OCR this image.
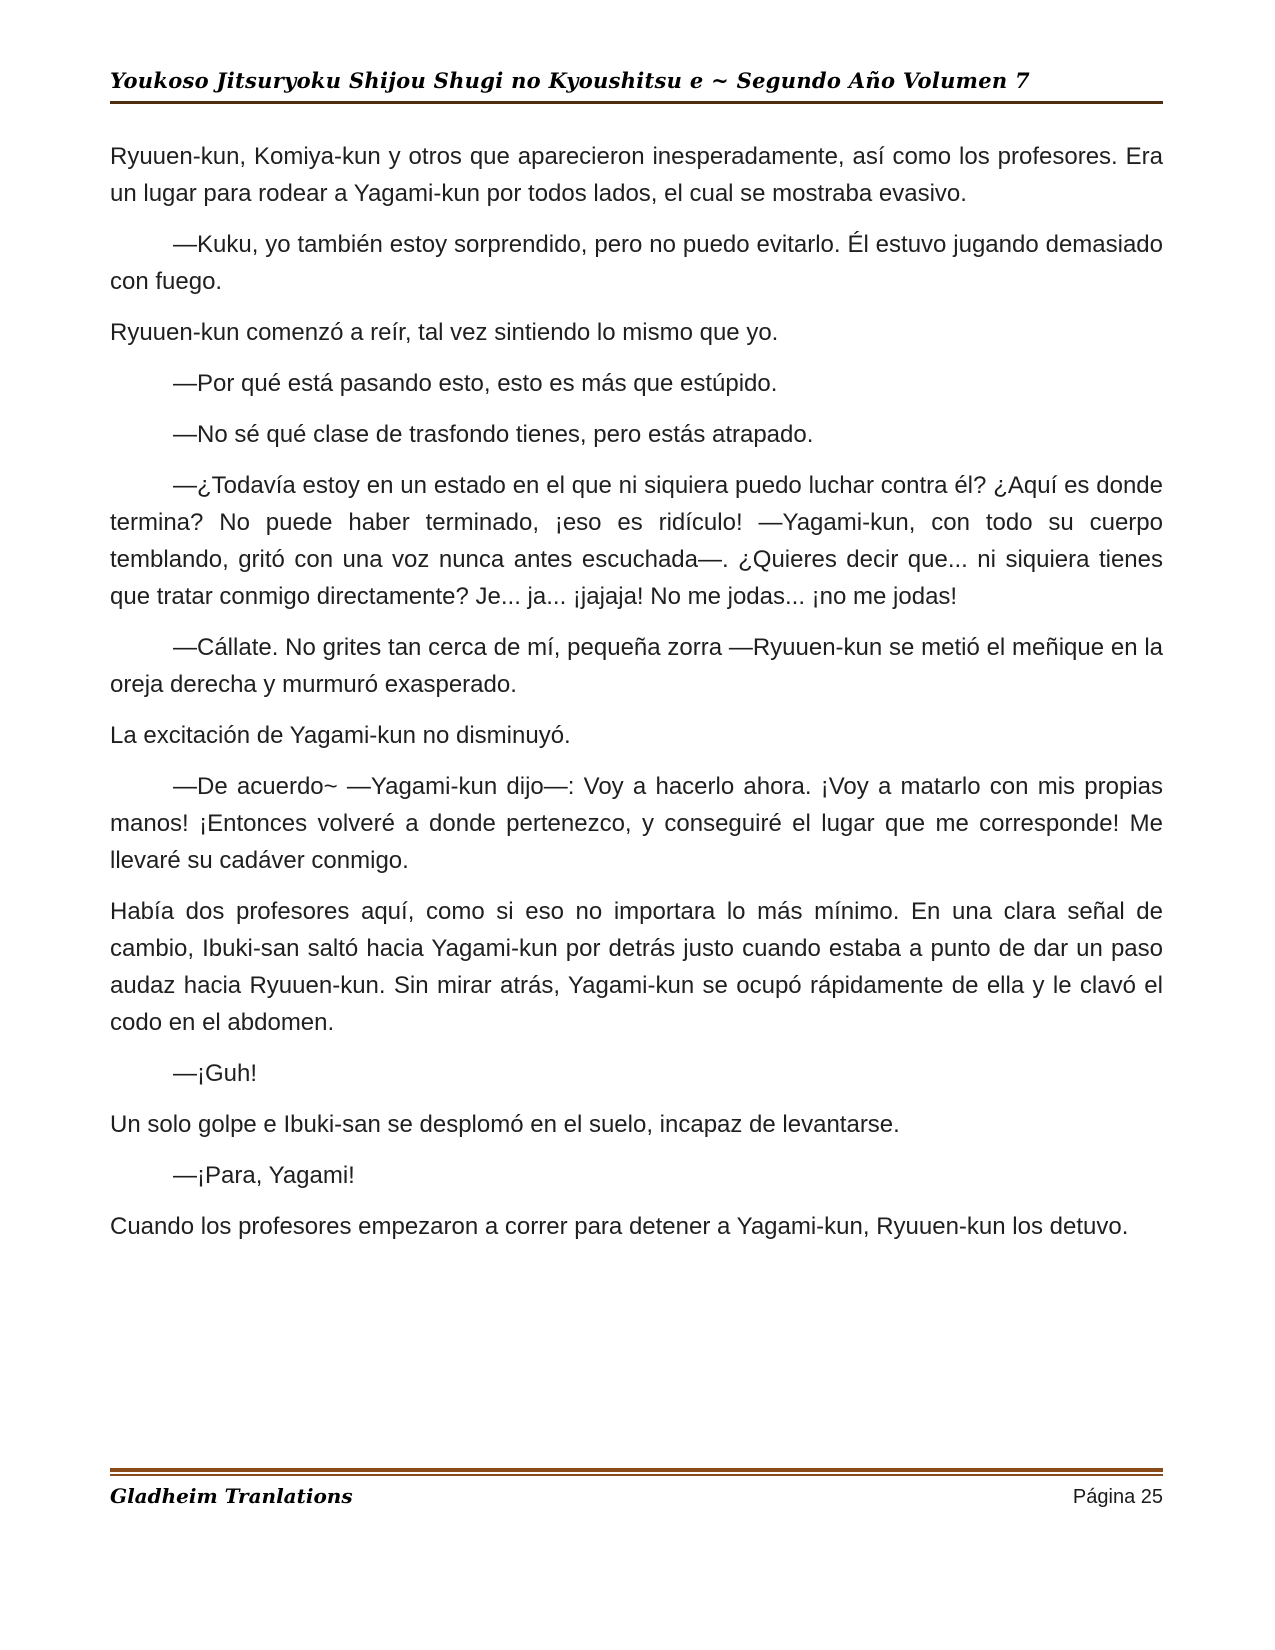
Youkoso Jitsuryoku Shijou Shugi no Kyoushitsu e ~ Segundo Año Volumen 7

Ryuuen-kun, Komiya-kun y otros que aparecieron inesperadamente, así como los profesores. Era un lugar para rodear a Yagami-kun por todos lados, el cual se mostraba evasivo.

—Kuku, yo también estoy sorprendido, pero no puedo evitarlo. Él estuvo jugando demasiado con fuego.

Ryuuen-kun comenzó a reír, tal vez sintiendo lo mismo que yo.

—Por qué está pasando esto, esto es más que estúpido.

—No sé qué clase de trasfondo tienes, pero estás atrapado.

—¿Todavía estoy en un estado en el que ni siquiera puedo luchar contra él? ¿Aquí es donde termina? No puede haber terminado, ¡eso es ridículo! —Yagami-kun, con todo su cuerpo temblando, gritó con una voz nunca antes escuchada—. ¿Quieres decir que... ni siquiera tienes que tratar conmigo directamente? Je... ja... ¡jajaja! No me jodas... ¡no me jodas!

—Cállate. No grites tan cerca de mí, pequeña zorra —Ryuuen-kun se metió el meñique en la oreja derecha y murmuró exasperado.

La excitación de Yagami-kun no disminuyó.

—De acuerdo~ —Yagami-kun dijo—: Voy a hacerlo ahora. ¡Voy a matarlo con mis propias manos! ¡Entonces volveré a donde pertenezco, y conseguiré el lugar que me corresponde! Me llevaré su cadáver conmigo.

Había dos profesores aquí, como si eso no importara lo más mínimo. En una clara señal de cambio, Ibuki-san saltó hacia Yagami-kun por detrás justo cuando estaba a punto de dar un paso audaz hacia Ryuuen-kun. Sin mirar atrás, Yagami-kun se ocupó rápidamente de ella y le clavó el codo en el abdomen.

—¡Guh!

Un solo golpe e Ibuki-san se desplomó en el suelo, incapaz de levantarse.

—¡Para, Yagami!

Cuando los profesores empezaron a correr para detener a Yagami-kun, Ryuuen-kun los detuvo.

Gladheim Tranlations	Página 25
